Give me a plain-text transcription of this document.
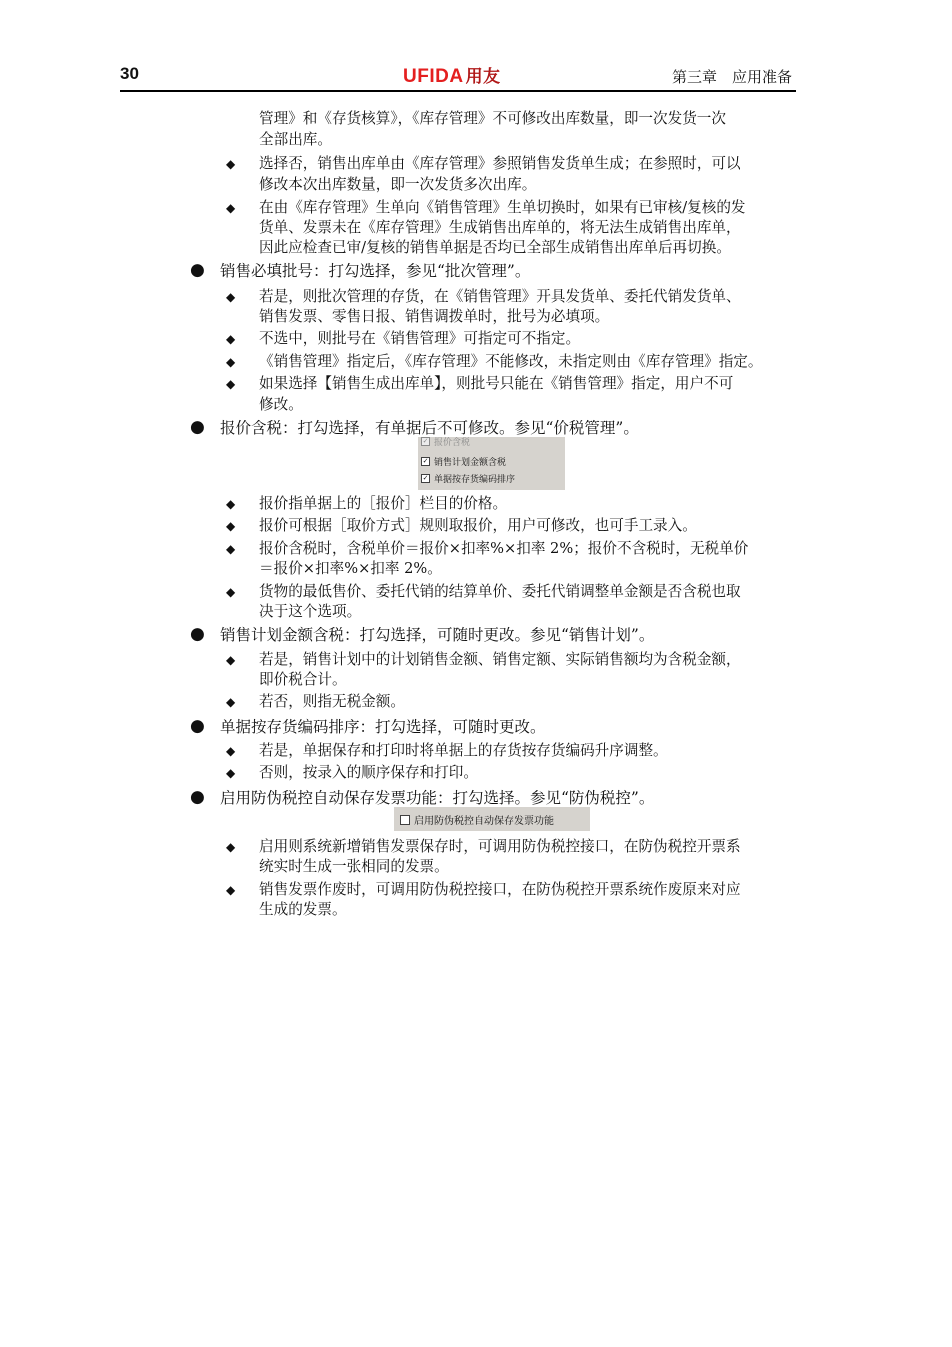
30	UFIDA 用友	第三章　应用准备
管理》和《存货核算》，《库存管理》不可修改出库数量，即一次发货一次
全部出库。
◆ 选择否，销售出库单由《库存管理》参照销售发货单生成；在参照时，可以
修改本次出库数量，即一次发货多次出库。
◆ 在由《库存管理》生单向《销售管理》生单切换时，如果有已审核/复核的发
货单、发票未在《库存管理》生成销售出库单的，将无法生成销售出库单，
因此应检查已审/复核的销售单据是否均已全部生成销售出库单后再切换。
● 销售必填批号：打勾选择，参见“批次管理”。
◆ 若是，则批次管理的存货，在《销售管理》开具发货单、委托代销发货单、
销售发票、零售日报、销售调拨单时，批号为必填项。
◆ 不选中，则批号在《销售管理》可指定可不指定。
◆ 《销售管理》指定后，《库存管理》不能修改，未指定则由《库存管理》指定。
◆ 如果选择【销售生成出库单】，则批号只能在《销售管理》指定，用户不可
修改。
● 报价含税：打勾选择，有单据后不可修改。参见“价税管理”。
✓ 报价含税
✓ 销售计划金额含税
✓ 单据按存货编码排序
◆ 报价指单据上的［报价］栏目的价格。
◆ 报价可根据［取价方式］规则取报价，用户可修改，也可手工录入。
◆ 报价含税时，含税单价＝报价×扣率%×扣率 2%；报价不含税时，无税单价
＝报价×扣率%×扣率 2%。
◆ 货物的最低售价、委托代销的结算单价、委托代销调整单金额是否含税也取
决于这个选项。
● 销售计划金额含税：打勾选择，可随时更改。参见“销售计划”。
◆ 若是，销售计划中的计划销售金额、销售定额、实际销售额均为含税金额，
即价税合计。
◆ 若否，则指无税金额。
● 单据按存货编码排序：打勾选择，可随时更改。
◆ 若是，单据保存和打印时将单据上的存货按存货编码升序调整。
◆ 否则，按录入的顺序保存和打印。
● 启用防伪税控自动保存发票功能：打勾选择。参见“防伪税控”。
启用防伪税控自动保存发票功能
◆ 启用则系统新增销售发票保存时，可调用防伪税控接口，在防伪税控开票系
统实时生成一张相同的发票。
◆ 销售发票作废时，可调用防伪税控接口，在防伪税控开票系统作废原来对应
生成的发票。
